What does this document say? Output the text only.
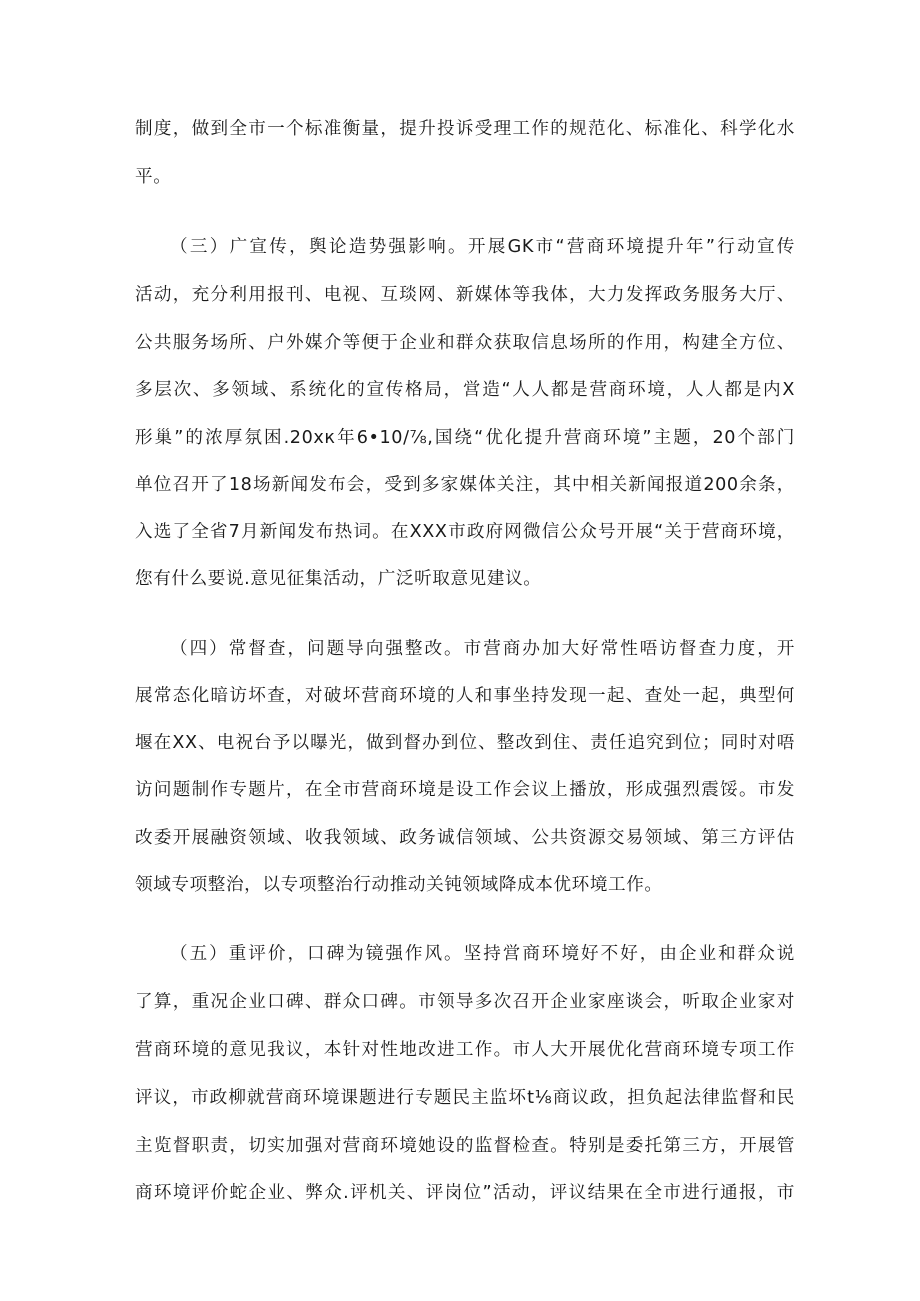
制度，做到全市一个标准衡量，提升投诉受理工作的规范化、标准化、科学化水
平。
（三）广宣传，舆论造势强影响。开展GK市“营商环境提升年”行动宣传
活动，充分利用报刊、电视、互琰网、新媒体等我体，大力发挥政务服务大厅、
公共服务场所、户外媒介等便于企业和群众获取信息场所的作用，构建全方位、
多层次、多领域、系统化的宣传格局，営造“人人都是营商环境，人人都是内X
形巢”的浓厚氛困.20xк年6•10∕⅞,国绕“优化提升营商环境”主题，20个部门
单位召开了18场新闻发布会，受到多家媒体关注，其中相关新闻报道200余条，
入选了全省7月新闻发布热词。在XXX市政府网微信公众号开展“关于营商环境，
您有什么要说.意见征集活动，广泛听取意见建议。
（四）常督查，问题导向强整改。市营商办加大好常性唔访督查力度，开
展常态化暗访坏查，对破坏营商环境的人和事坐持发现一起、查处一起，典型何
堰在XX、电祝台予以曝光，做到督办到位、整改到住、责任追究到位；同时对唔
访问题制作专题片，在全市营商环境是设工作会议上播放，形成强烈震馁。市发
改委开展融资领域、收我领域、政务诚信领域、公共资源交易领域、第三方评估
领域专项整治，以专项整治行动推动关钝领域降成本优环境工作。
（五）重评价，口碑为镜强作风。坚持営商环境好不好，由企业和群众说
了算，重况企业口碑、群众口碑。市领导多次召开企业家座谈会，听取企业家对
营商环境的意见我议，本针对性地改进工作。市人大开展优化营商环境专项工作
评议，市政柳就营商环境课题进行专题民主监坏t⅛商议政，担负起法律监督和民
主览督职责，切实加强对营商环境她设的监督检查。特别是委托第三方，开展管
商环境评价蛇企业、弊众.评机关、评岗位”活动，评议结果在全市进行通报，市
